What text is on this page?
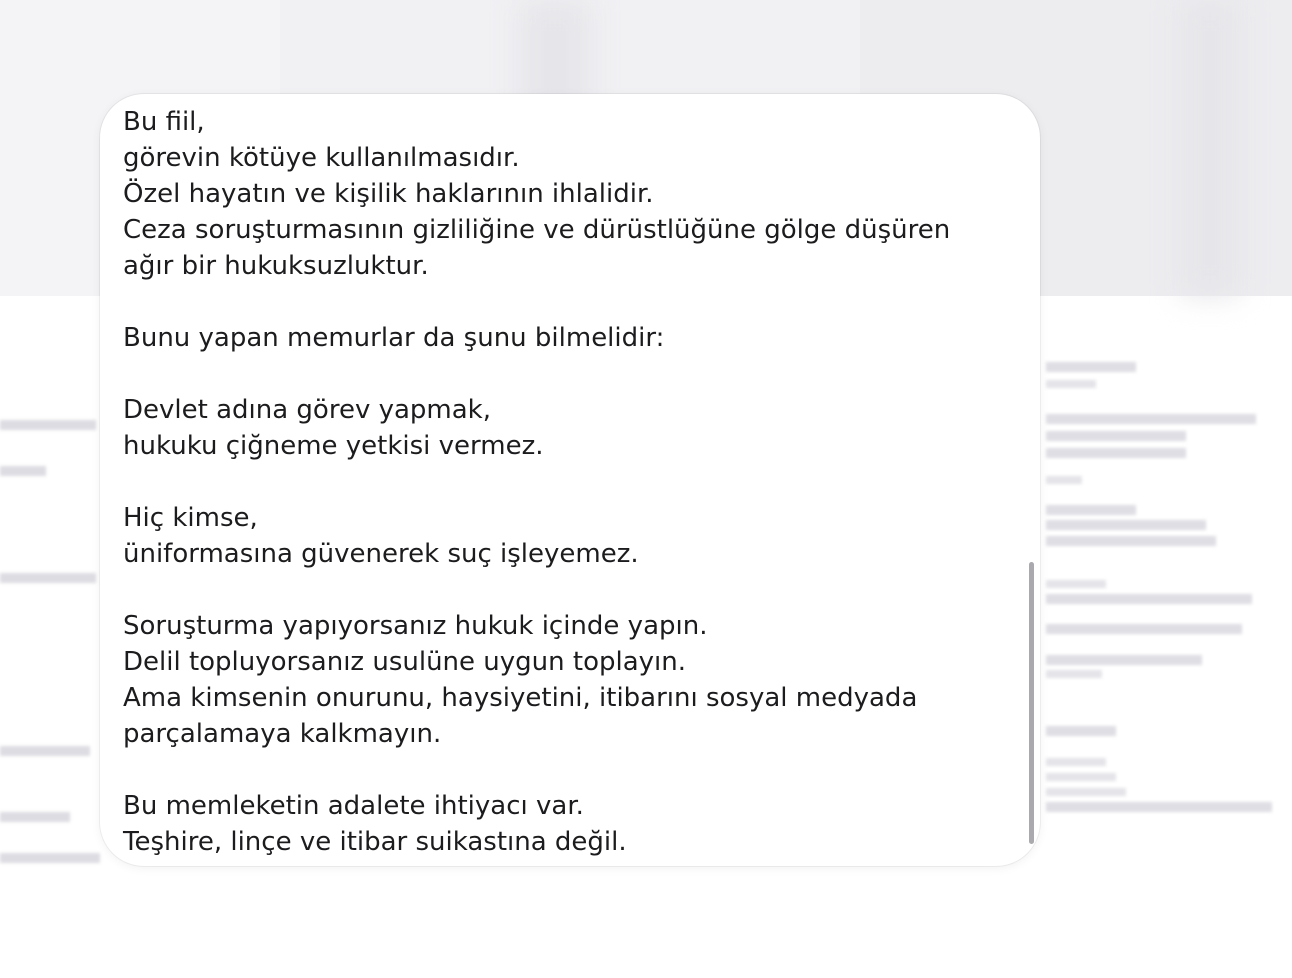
Bu fiil,
görevin kötüye kullanılmasıdır.
Özel hayatın ve kişilik haklarının ihlalidir.
Ceza soruşturmasının gizliliğine ve dürüstlüğüne gölge düşüren
ağır bir hukuksuzluktur.
Bunu yapan memurlar da şunu bilmelidir:
Devlet adına görev yapmak,
hukuku çiğneme yetkisi vermez.
Hiç kimse,
üniformasına güvenerek suç işleyemez.
Soruşturma yapıyorsanız hukuk içinde yapın.
Delil topluyorsanız usulüne uygun toplayın.
Ama kimsenin onurunu, haysiyetini, itibarını sosyal medyada
parçalamaya kalkmayın.
Bu memleketin adalete ihtiyacı var.
Teşhire, linçe ve itibar suikastına değil.
